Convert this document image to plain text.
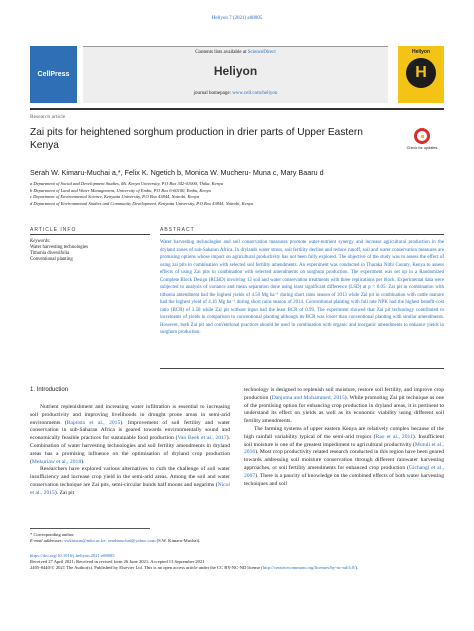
Heliyon 7 (2021) e08005
CellPress
Contents lists available at ScienceDirect
Heliyon
journal homepage: www.cell.com/heliyon
Heliyon
H
Research article
Zai pits for heightened sorghum production in drier parts of Upper Eastern Kenya	Check for updates
Serah W. Kimaru-Muchai a,*, Felix K. Ngetich b, Monica W. Mucheru- Muna c, Mary Baaru d
a Department of Social and Development Studies, Mt. Kenya University, P.O Box 342-01000, Thika, Kenya
b Department of Land and Water Management, University of Embu, P.O Box 6-60100, Embu, Kenya
c Department of Environmental Science, Kenyatta University, P.O Box 43844, Nairobi, Kenya
d Department of Environmental Studies and Community Development, Kenyatta University, P.O Box 43844, Nairobi, Kenya
ARTICLE INFO
Keywords:
Water harvesting technologies
Tithonia diversifolia
Conventional planting
ABSTRACT
Water harvesting technologies and soil conservation measures promote water-nutrient synergy and increase agricultural production in the dryland zones of sub-Saharan Africa. In drylands water stress, soil fertility decline and reduce runoff, soil and water conservation measures are promising options whose impact on agricultural productivity has not been fully explored. The objective of the study was to assess the effect of using zai pits in combination with selected soil fertility amendments. An experiment was conducted in Tharaka Nithi County, Kenya to assess effects of using Zai pits in combination with selected amendments on sorghum production. The experiment was set up in a Randomized Complete Block Design (RCBD) involving 12 soil and water conservation treatments with three replications per block. Experimental data were subjected to analysis of variance and mean separation done using least significant difference (LSD) at p < 0.05. Zai pit in combination with tithonia amendment had the highest yields of 4.50 Mg ha⁻¹ during short rains season of 2013 while Zai pit in combination with cattle manure had the highest yield of 4.16 Mg ha⁻¹ during short rains season of 2014. Conventional planting with full rate NPK had the highest benefit-cost ratio (BCR) of 3.58 while Zai pit without input had the least BCR of 0.99. The experiment showed that Zai pit technology contributed to increments of yields in comparison to conventional planting although its BCR was lower than conventional planting with similar amendments. However, both Zai pit and conventional practices should be used in combination with organic and inorganic amendments to enhance yields in sorghum production.
1. Introduction

Nutrient replenishment and increasing water infiltration is essential to increasing soil productivity and improving livelihoods in drought prone areas in semi-arid environments (Baptista et al., 2015). Improvement of soil fertility and water conservation in sub-Saharan Africa is geared towards environmentally sound and economically feasible practices for sustainable food production (Van Beek et al., 2017). Combination of water harvesting technologies and soil fertility amendments in dryland areas has a promising influence on the optimisation of dryland crop production (Mekuriaw et al., 2018).

Researchers have explored various alternatives to curb the challenge of soil water insufficiency and increase crop yield in the semi-arid areas. Among the soil and water conservation technique are Zai pits, semi-circular bunds half moons and negarims (Nicol et al., 2015). Zai pit

technology is designed to replenish soil moisture, restore soil fertility, and improve crop production (Danjuma and Mohammed, 2015). While promoting Zai pit technique as one of the promising option for enhancing crop production in dryland areas, it is pertinent to understand its effect on yields as well as its economic viability using different soil fertility amendments.

The farming systems of upper eastern Kenya are relatively complex because of the high rainfall variability typical of the semi-arid tropics (Rao et al., 2011). Insufficient soil moisture is one of the greatest impediment to agricultural productivity (Mutuli et al., 2016). Most crop productivity related research conducted in this region have been geared towards addressing soil moisture conservation through different rainwater harvesting approaches, or soil fertility amendments for enhanced crop production (Gichangi et al., 2007). There is a paucity of knowledge on the combined effects of both water harvesting techniques and soil

* Corresponding author.
E-mail addresses: swkimaru@mku.ac.ke, serahmuchai@yahoo.com (S.W. Kimaru-Muchai).
https://doi.org/10.1016/j.heliyon.2021.e08005
Received 27 April 2021; Received in revised form 26 June 2021; Accepted 13 September 2021
2405-8440/© 2021 The Author(s). Published by Elsevier Ltd. This is an open access article under the CC BY-NC-ND license (http://creativecommons.org/licenses/by-nc-nd/4.0/).
